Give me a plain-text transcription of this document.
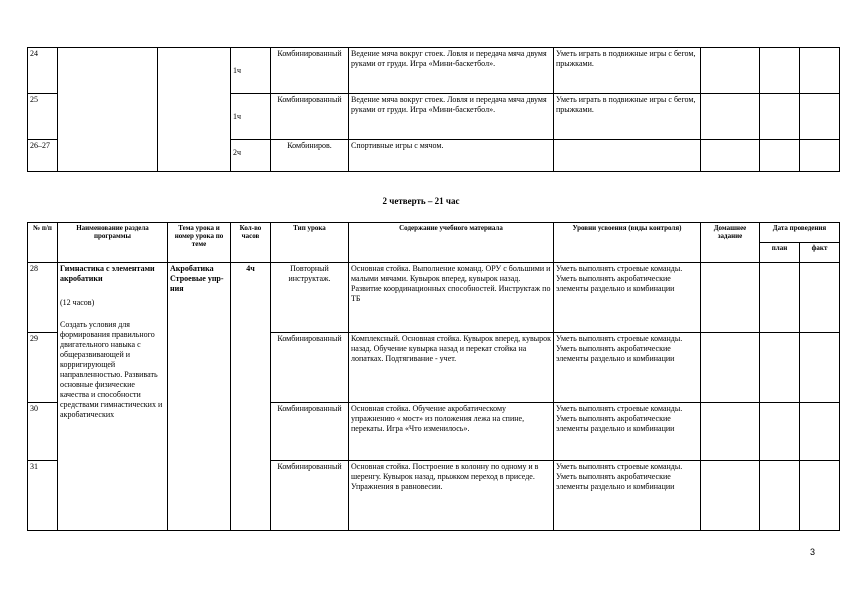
24			1ч	Комбинированный	Ведение мяча вокруг стоек. Ловля и передача мяча двумя руками от груди. Игра «Мини-баскетбол».	Уметь играть в подвижные игры с бегом, прыжками.			
25			1ч	Комбинированный	Ведение мяча вокруг стоек. Ловля и передача мяча двумя руками от груди. Игра «Мини-баскетбол».	Уметь играть в подвижные игры с бегом, прыжками.			
26–27			2ч	Комбиниров.	Спортивные игры с мячом.				
2 четверть – 21 час
№ п/п	Наименование раздела программы	Тема урока и номер урока по теме	Кол-во часов	Тип урока	Содержание учебного материала	Уровни усвоения (виды контроля)	Домашнее задание	Дата проведения	
								план	факт
28	Гимнастика с элементами акробатики
(12 часов)
Создать условия для формирования правильного двигательного навыка с общеразвивающей и корригирующей направленностью. Развивать основные физические качества и способности средствами гимнастических и акробатических	Акробатика Строевые упр-ния	4ч	Повторный инструктаж.	Основная стойка. Выполнение команд. ОРУ с большими и малыми мячами. Кувырок вперед, кувырок назад. Развитие координационных способностей. Инструктаж по ТБ	Уметь выполнять строевые команды. Уметь выполнять акробатические элементы раздельно и комбинации			
29				Комбинированный	Комплексный. Основная стойка. Кувырок вперед, кувырок назад. Обучение кувырка назад и перекат стойка на лопатках. Подтягивание - учет.	Уметь выполнять строевые команды. Уметь выполнять акробатические элементы раздельно и комбинации			
30				Комбинированный	Основная стойка. Обучение акробатическому упражнению « мост» из положения лежа на спине, перекаты. Игра «Что изменилось».	Уметь выполнять строевые команды. Уметь выполнять акробатические элементы раздельно и комбинации			
31				Комбинированный	Основная стойка. Построение в колонну по одному и в шеренгу. Кувырок назад, прыжком переход в приседе. Упражнения в равновесии.	Уметь выполнять строевые команды. Уметь выполнять акробатические элементы раздельно и комбинации			
3
